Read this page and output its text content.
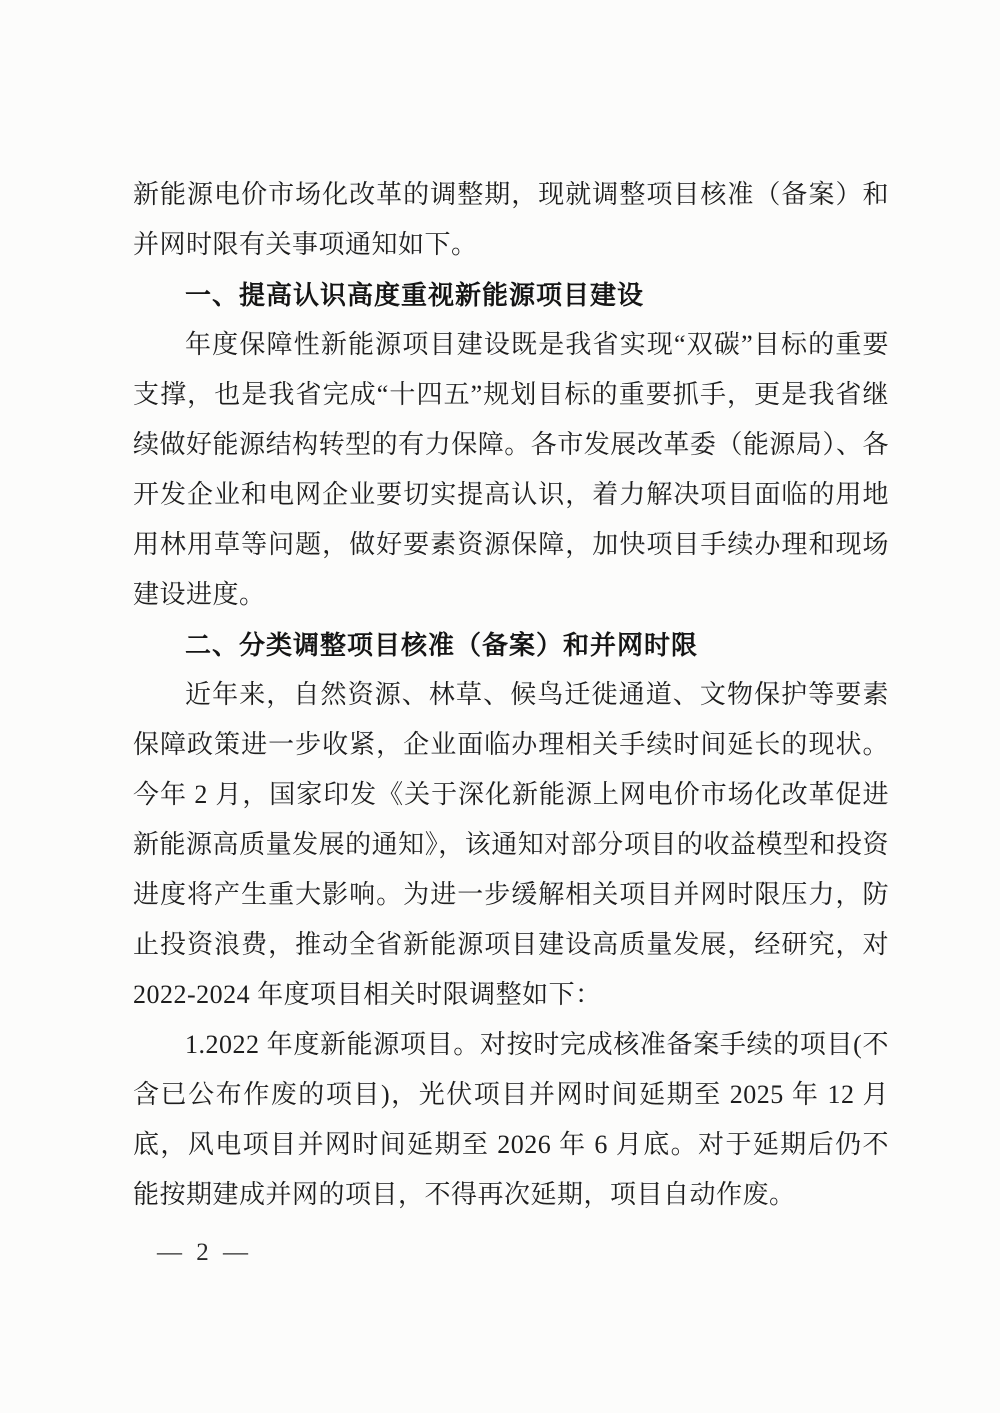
新能源电价市场化改革的调整期，现就调整项目核准（备案）和并网时限有关事项通知如下。

一、提高认识高度重视新能源项目建设

年度保障性新能源项目建设既是我省实现“双碳”目标的重要支撑，也是我省完成“十四五”规划目标的重要抓手，更是我省继续做好能源结构转型的有力保障。各市发展改革委（能源局）、各开发企业和电网企业要切实提高认识，着力解决项目面临的用地用林用草等问题，做好要素资源保障，加快项目手续办理和现场建设进度。

二、分类调整项目核准（备案）和并网时限

近年来，自然资源、林草、候鸟迁徙通道、文物保护等要素保障政策进一步收紧，企业面临办理相关手续时间延长的现状。今年 2 月，国家印发《关于深化新能源上网电价市场化改革促进新能源高质量发展的通知》，该通知对部分项目的收益模型和投资进度将产生重大影响。为进一步缓解相关项目并网时限压力，防止投资浪费，推动全省新能源项目建设高质量发展，经研究，对 2022-2024 年度项目相关时限调整如下：

1.2022 年度新能源项目。对按时完成核准备案手续的项目(不含已公布作废的项目)，光伏项目并网时间延期至 2025 年 12 月底，风电项目并网时间延期至 2026 年 6 月底。对于延期后仍不能按期建成并网的项目，不得再次延期，项目自动作废。

— 2 —
